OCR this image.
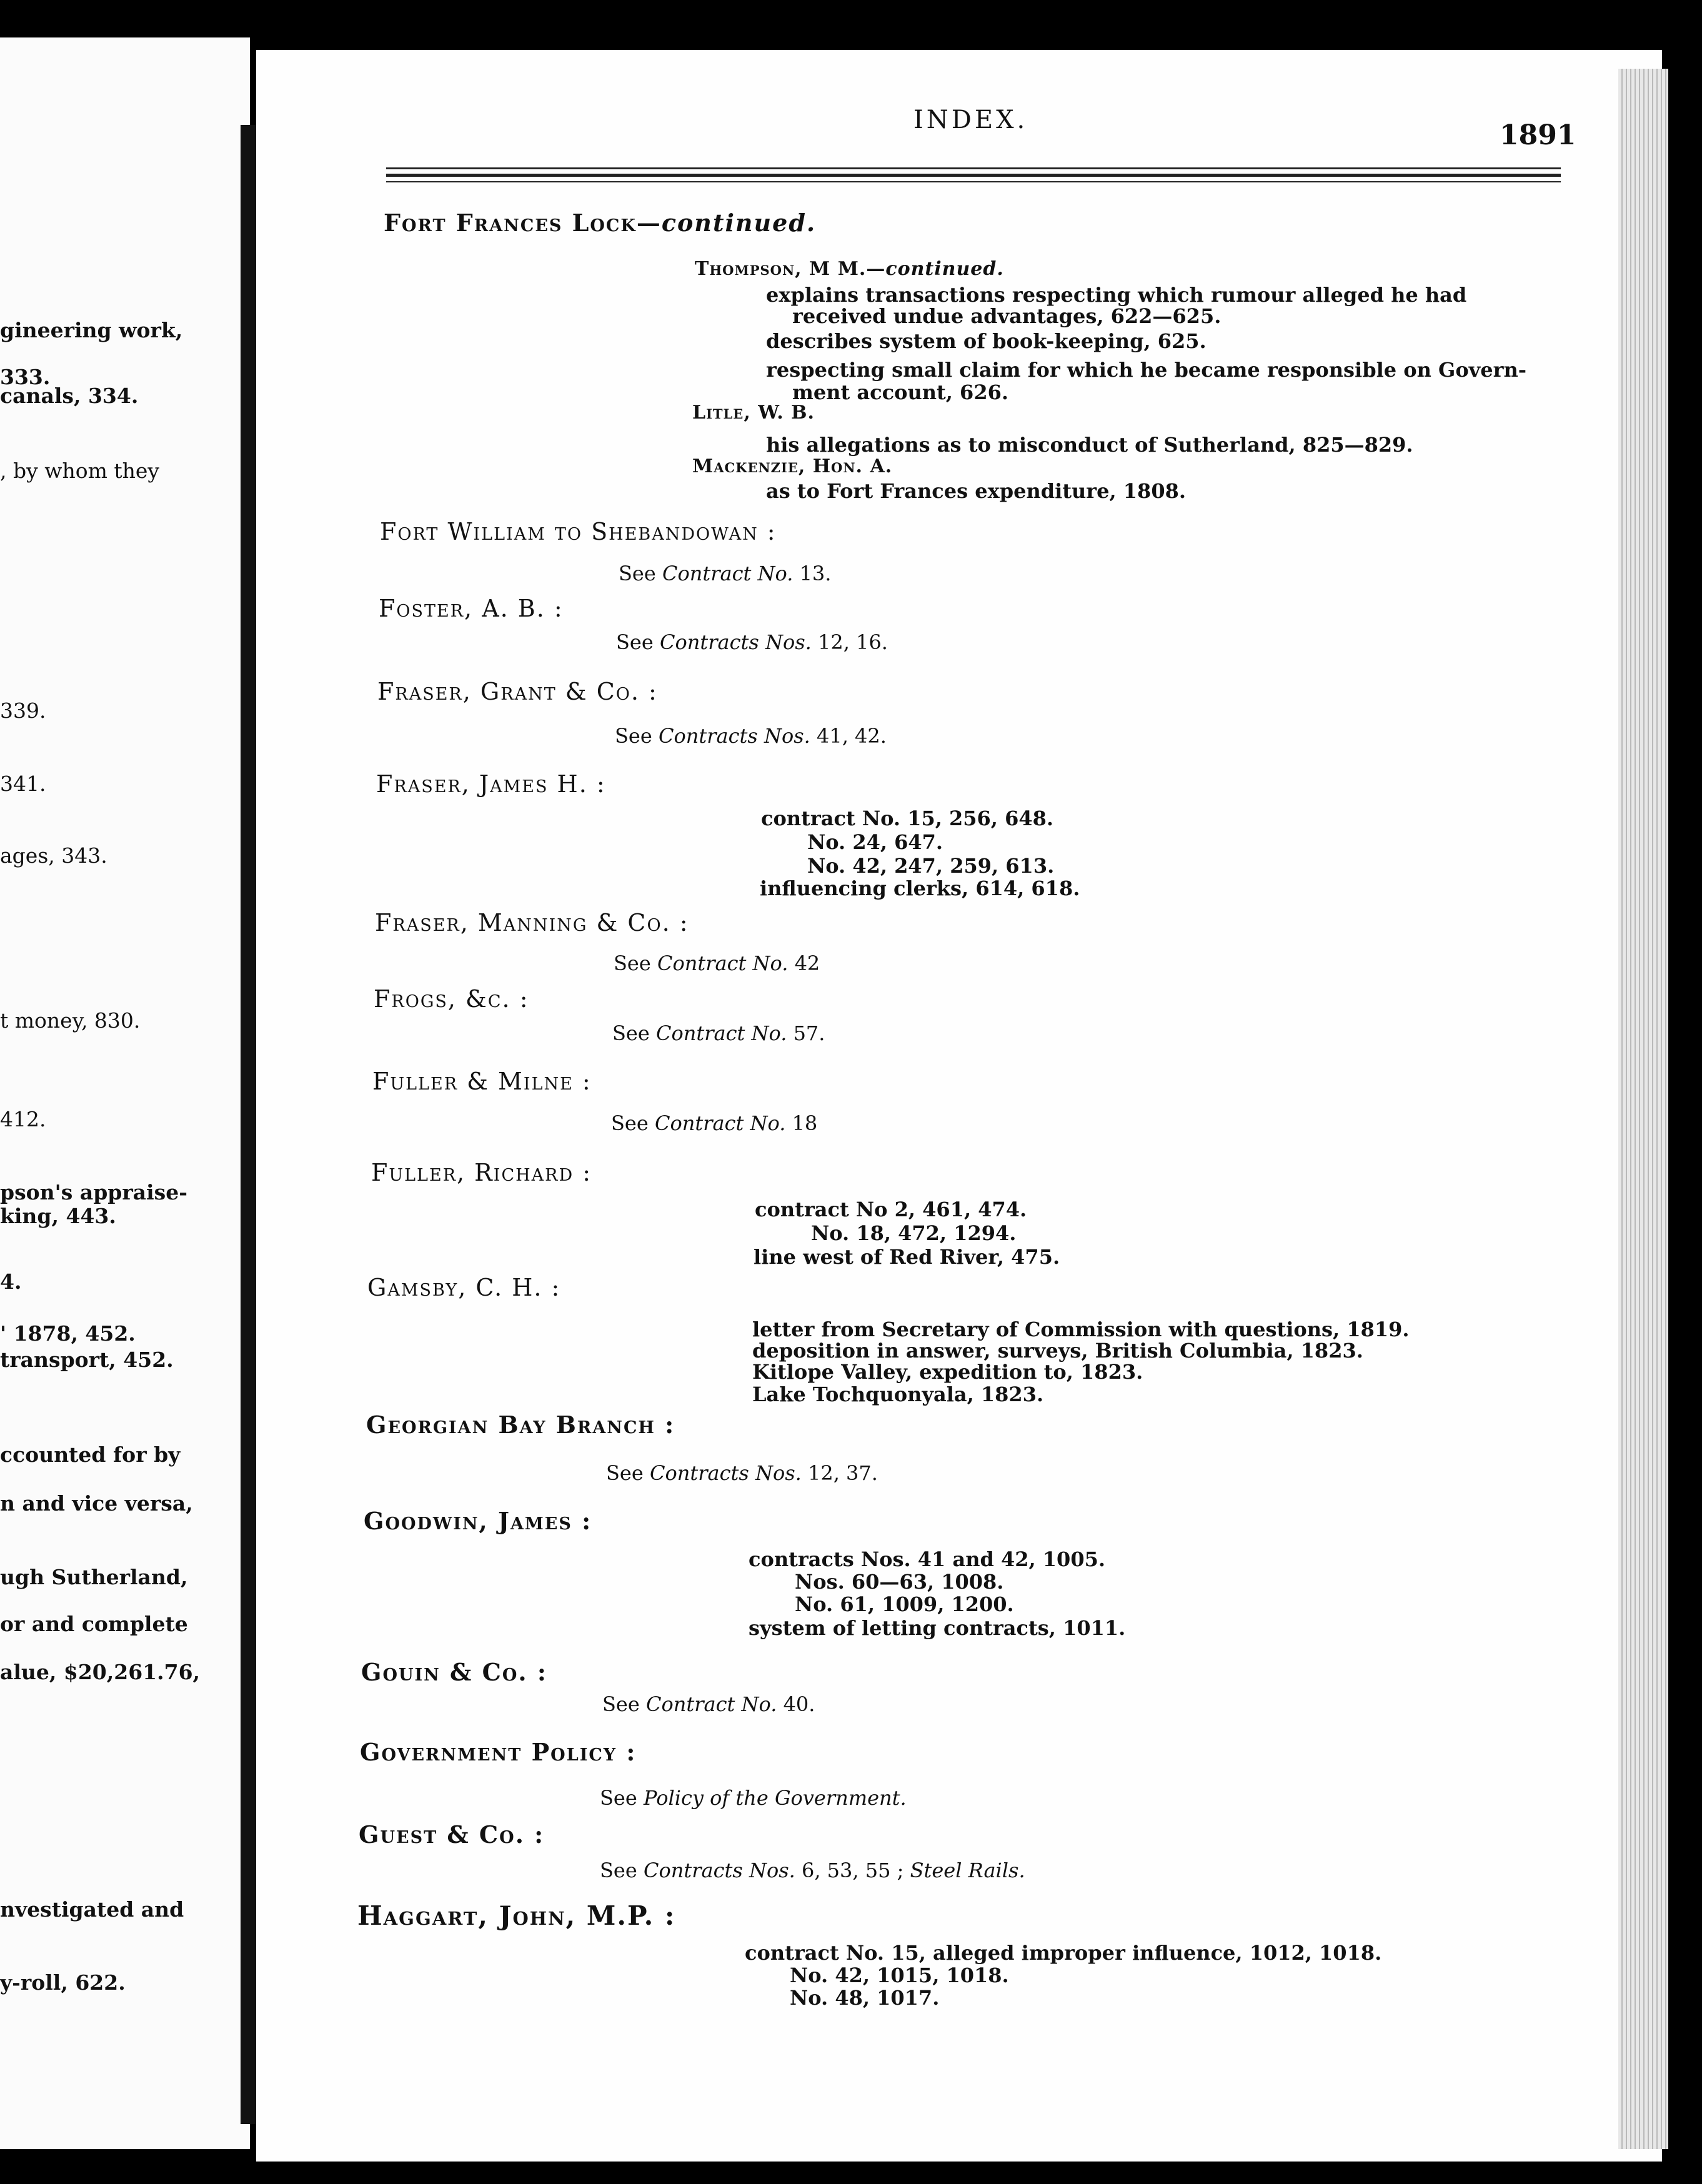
gineering work,
333.
canals, 334.
, by whom they
339.
341.
ages, 343.
t money, 830.
412.
pson's appraise-
king, 443.
4.
' 1878, 452.
transport, 452.
ccounted for by
n and vice versa,
ugh Sutherland,
or and complete
alue, $20,261.76,
nvestigated and
y-roll, 622.
INDEX.	1891
Fort Frances Lock—continued.
Thompson, M M.—continued.
explains transactions respecting which rumour alleged he had
received undue advantages, 622—625.
describes system of book-keeping, 625.
respecting small claim for which he became responsible on Govern-
ment account, 626.
Litle, W. B.
his allegations as to misconduct of Sutherland, 825—829.
Mackenzie, Hon. A.
as to Fort Frances expenditure, 1808.
Fort William to Shebandowan :
See Contract No. 13.
Foster, A. B. :
See Contracts Nos. 12, 16.
Fraser, Grant & Co. :
See Contracts Nos. 41, 42.
Fraser, James H. :
contract No. 15, 256, 648.
No. 24, 647.
No. 42, 247, 259, 613.
influencing clerks, 614, 618.
Fraser, Manning & Co. :
See Contract No. 42
Frogs, &c. :
See Contract No. 57.
Fuller & Milne :
See Contract No. 18
Fuller, Richard :
contract No 2, 461, 474.
No. 18, 472, 1294.
line west of Red River, 475.
Gamsby, C. H. :
letter from Secretary of Commission with questions, 1819.
deposition in answer, surveys, British Columbia, 1823.
Kitlope Valley, expedition to, 1823.
Lake Tochquonyala, 1823.
Georgian Bay Branch :
See Contracts Nos. 12, 37.
Goodwin, James :
contracts Nos. 41 and 42, 1005.
Nos. 60—63, 1008.
No. 61, 1009, 1200.
system of letting contracts, 1011.
Gouin & Co. :
See Contract No. 40.
Government Policy :
See Policy of the Government.
Guest & Co. :
See Contracts Nos. 6, 53, 55 ; Steel Rails.
Haggart, John, M.P. :
contract No. 15, alleged improper influence, 1012, 1018.
No. 42, 1015, 1018.
No. 48, 1017.
